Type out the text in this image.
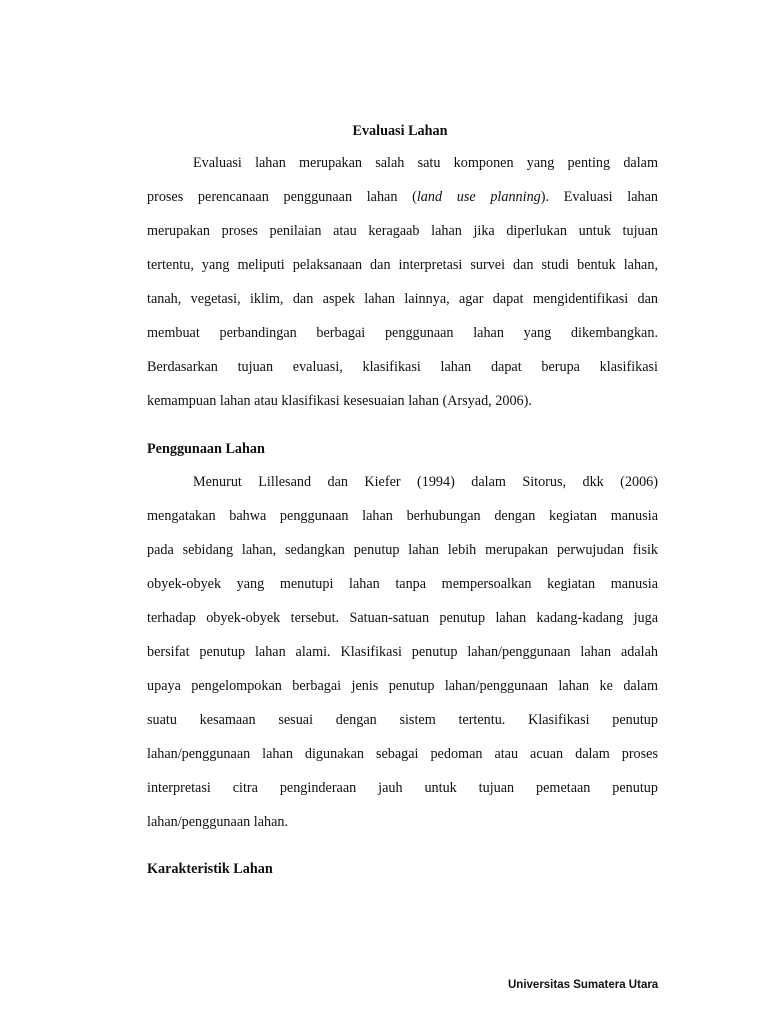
Evaluasi Lahan
Evaluasi lahan merupakan salah satu komponen yang penting dalam
proses perencanaan penggunaan lahan (land use planning). Evaluasi lahan
merupakan proses penilaian atau keragaab lahan jika diperlukan untuk tujuan
tertentu, yang meliputi pelaksanaan dan interpretasi survei dan studi bentuk lahan,
tanah, vegetasi, iklim, dan aspek lahan lainnya, agar dapat mengidentifikasi dan
membuat perbandingan berbagai penggunaan lahan yang dikembangkan.
Berdasarkan tujuan evaluasi, klasifikasi lahan dapat berupa klasifikasi
kemampuan lahan atau klasifikasi kesesuaian lahan (Arsyad, 2006).
Penggunaan Lahan
Menurut Lillesand dan Kiefer (1994) dalam Sitorus, dkk (2006)
mengatakan bahwa penggunaan lahan berhubungan dengan kegiatan manusia
pada sebidang lahan, sedangkan penutup lahan lebih merupakan perwujudan fisik
obyek-obyek yang menutupi lahan tanpa mempersoalkan kegiatan manusia
terhadap obyek-obyek tersebut. Satuan-satuan penutup lahan kadang-kadang juga
bersifat penutup lahan alami. Klasifikasi penutup lahan/penggunaan lahan adalah
upaya pengelompokan berbagai jenis penutup lahan/penggunaan lahan ke dalam
suatu kesamaan sesuai dengan sistem tertentu. Klasifikasi penutup
lahan/penggunaan lahan digunakan sebagai pedoman atau acuan dalam proses
interpretasi citra penginderaan jauh untuk tujuan pemetaan penutup
lahan/penggunaan lahan.
Karakteristik Lahan
Universitas Sumatera Utara
